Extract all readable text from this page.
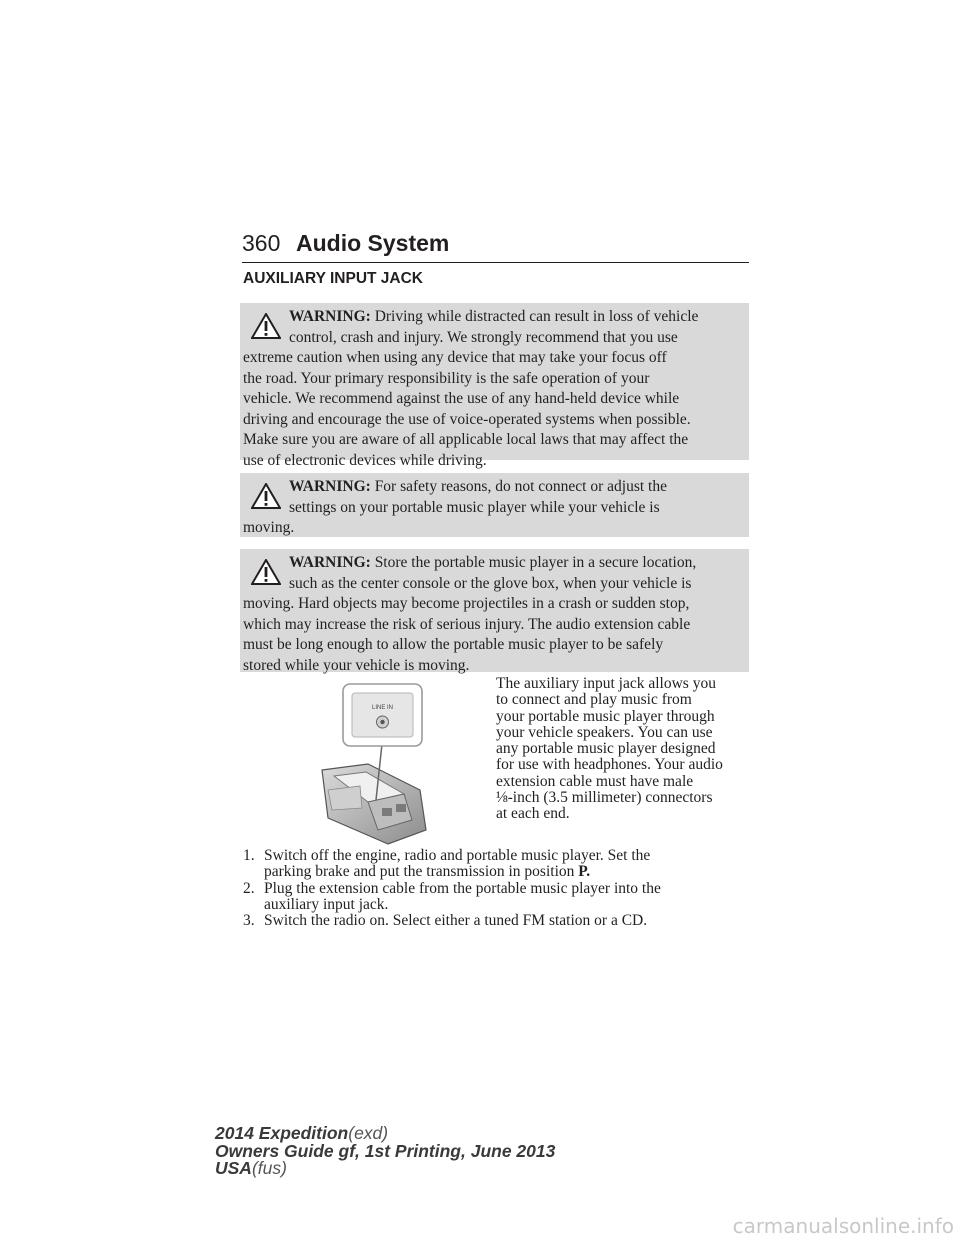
360 Audio System
AUXILIARY INPUT JACK
WARNING: Driving while distracted can result in loss of vehicle
control, crash and injury. We strongly recommend that you use
extreme caution when using any device that may take your focus off
the road. Your primary responsibility is the safe operation of your
vehicle. We recommend against the use of any hand-held device while
driving and encourage the use of voice-operated systems when possible.
Make sure you are aware of all applicable local laws that may affect the
use of electronic devices while driving.
WARNING: For safety reasons, do not connect or adjust the
settings on your portable music player while your vehicle is
moving.
WARNING: Store the portable music player in a secure location,
such as the center console or the glove box, when your vehicle is
moving. Hard objects may become projectiles in a crash or sudden stop,
which may increase the risk of serious injury. The audio extension cable
must be long enough to allow the portable music player to be safely
stored while your vehicle is moving.
LINE IN
The auxiliary input jack allows you
to connect and play music from
your portable music player through
your vehicle speakers. You can use
any portable music player designed
for use with headphones. Your audio
extension cable must have male
⅛-inch (3.5 millimeter) connectors
at each end.
1. Switch off the engine, radio and portable music player. Set the
parking brake and put the transmission in position P.
2. Plug the extension cable from the portable music player into the
auxiliary input jack.
3. Switch the radio on. Select either a tuned FM station or a CD.
2014 Expedition(exd)
Owners Guide gf, 1st Printing, June 2013
USA(fus)
carmanualsonline.info
